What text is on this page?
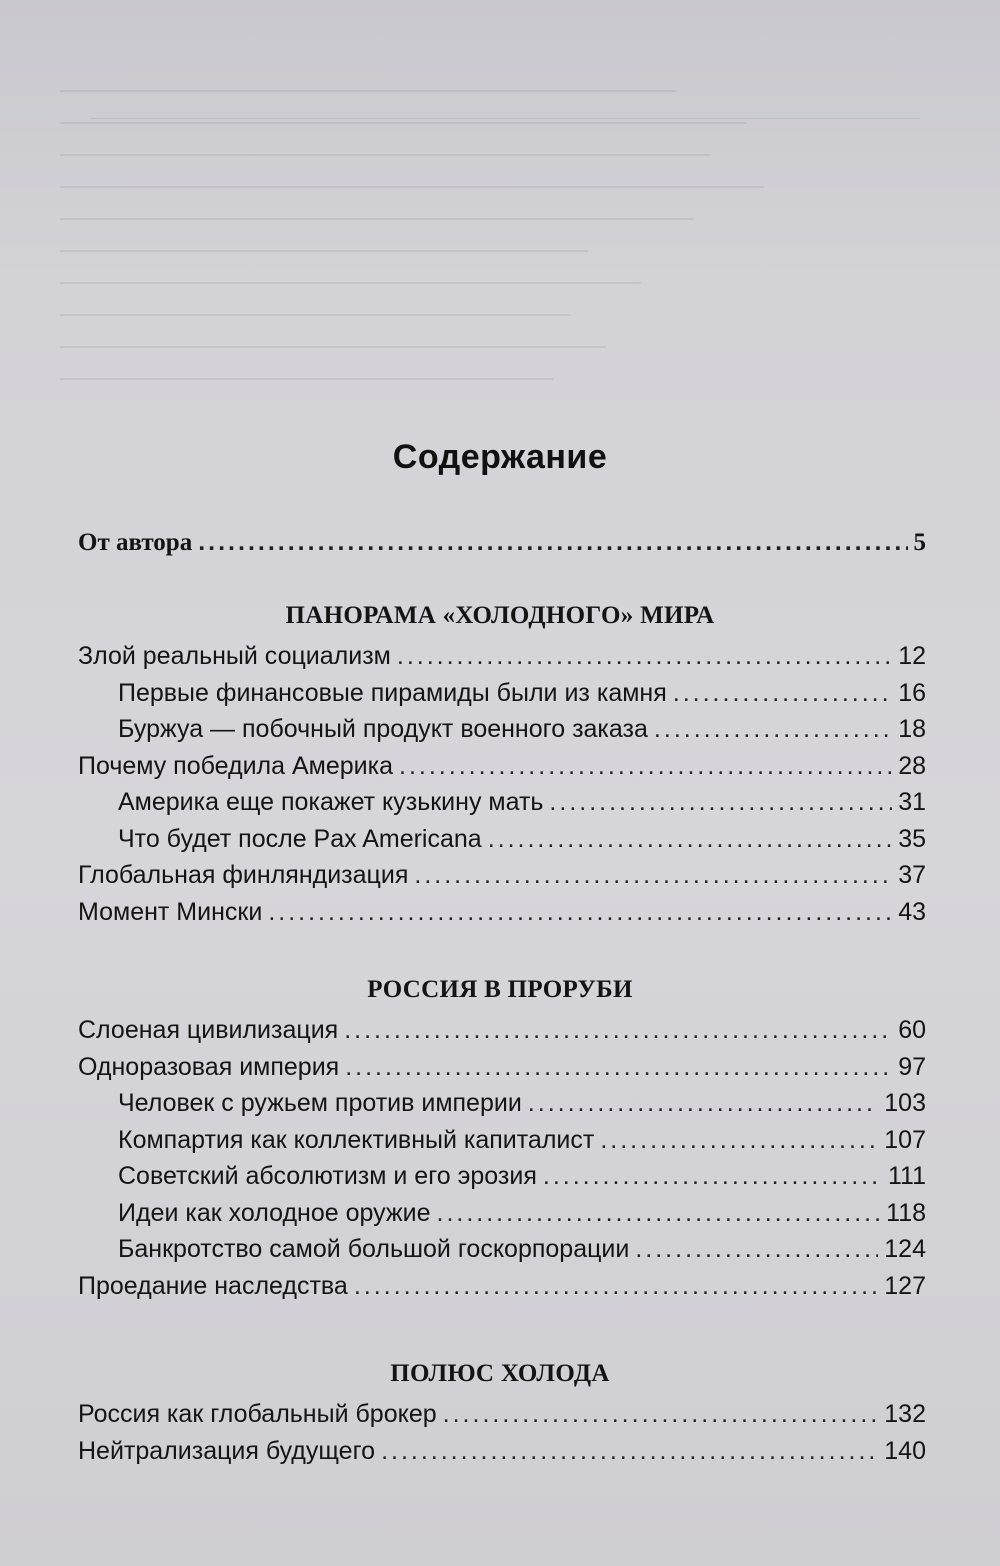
Содержание
От автора .....	5
ПАНОРАМА «ХОЛОДНОГО» МИРА
Злой реальный социализм .....	12
Первые финансовые пирамиды были из камня .....	16
Буржуа — побочный продукт военного заказа .....	18
Почему победила Америка .....	28
Америка еще покажет кузькину мать .....	31
Что будет после Pax Americana .....	35
Глобальная финляндизация .....	37
Момент Мински .....	43
РОССИЯ В ПРОРУБИ
Слоеная цивилизация .....	60
Одноразовая империя .....	97
Человек с ружьем против империи .....	103
Компартия как коллективный капиталист .....	107
Советский абсолютизм и его эрозия .....	111
Идеи как холодное оружие .....	118
Банкротство самой большой госкорпорации .....	124
Проедание наследства .....	127
ПОЛЮС ХОЛОДА
Россия как глобальный брокер .....	132
Нейтрализация будущего .....	140
